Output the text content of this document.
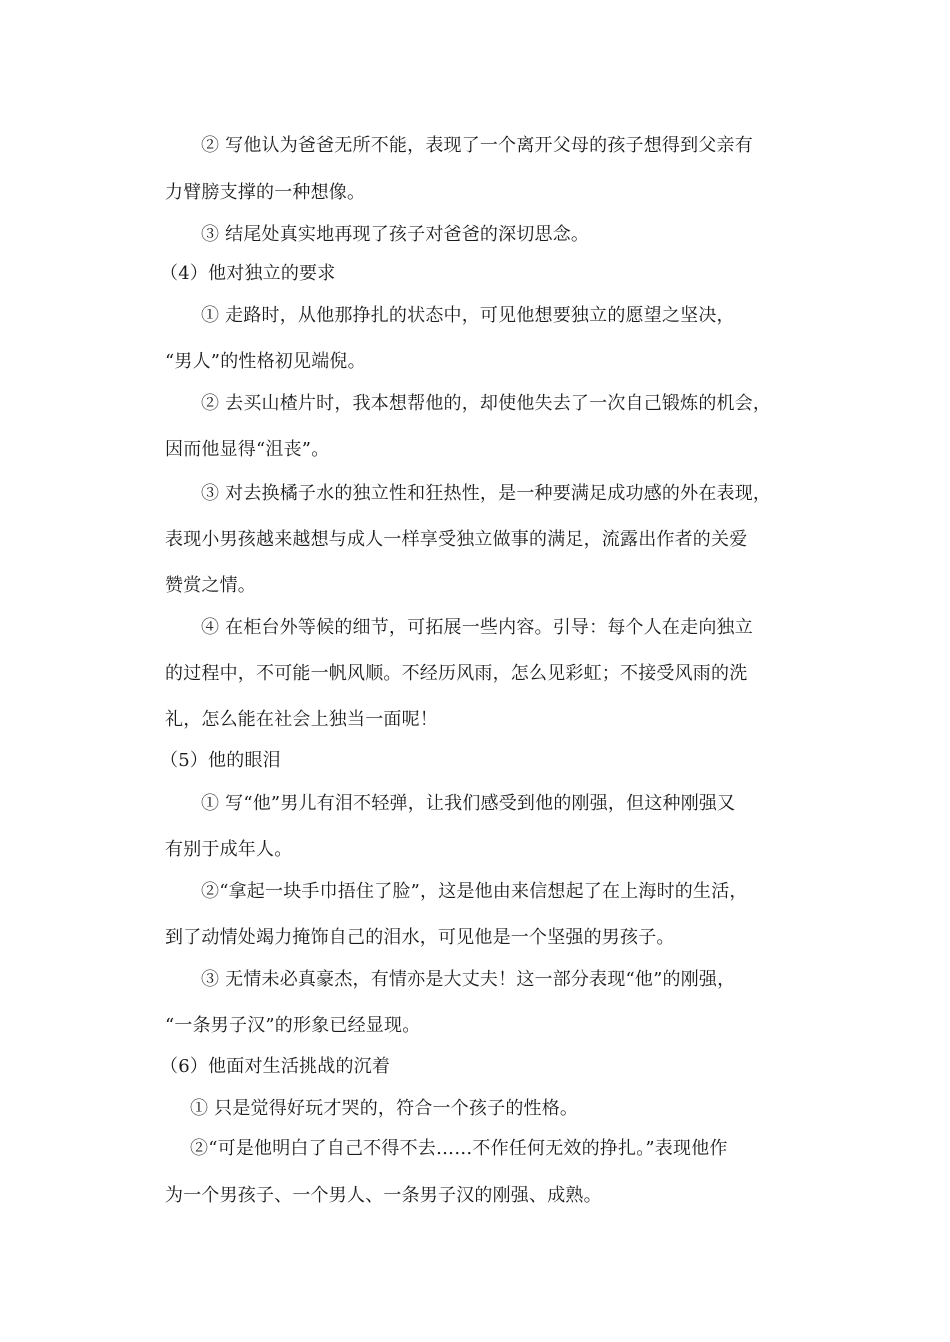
② 写他认为爸爸无所不能，表现了一个离开父母的孩子想得到父亲有
力臂膀支撑的一种想像。
③ 结尾处真实地再现了孩子对爸爸的深切思念。
（4）他对独立的要求
① 走路时，从他那挣扎的状态中，可见他想要独立的愿望之坚决，
“男人”的性格初见端倪。
② 去买山楂片时，我本想帮他的，却使他失去了一次自己锻炼的机会，
因而他显得“沮丧”。
③ 对去换橘子水的独立性和狂热性，是一种要满足成功感的外在表现，
表现小男孩越来越想与成人一样享受独立做事的满足，流露出作者的关爱
赞赏之情。
④ 在柜台外等候的细节，可拓展一些内容。引导：每个人在走向独立
的过程中，不可能一帆风顺。不经历风雨，怎么见彩虹；不接受风雨的洗
礼，怎么能在社会上独当一面呢！
（5）他的眼泪
① 写“他”男儿有泪不轻弹，让我们感受到他的刚强，但这种刚强又
有别于成年人。
②“拿起一块手巾捂住了脸”，这是他由来信想起了在上海时的生活，
到了动情处竭力掩饰自己的泪水，可见他是一个坚强的男孩子。
③ 无情未必真豪杰，有情亦是大丈夫！这一部分表现“他”的刚强，
“一条男子汉”的形象已经显现。
（6）他面对生活挑战的沉着
① 只是觉得好玩才哭的，符合一个孩子的性格。
②“可是他明白了自己不得不去……不作任何无效的挣扎。”表现他作
为一个男孩子、一个男人、一条男子汉的刚强、成熟。
